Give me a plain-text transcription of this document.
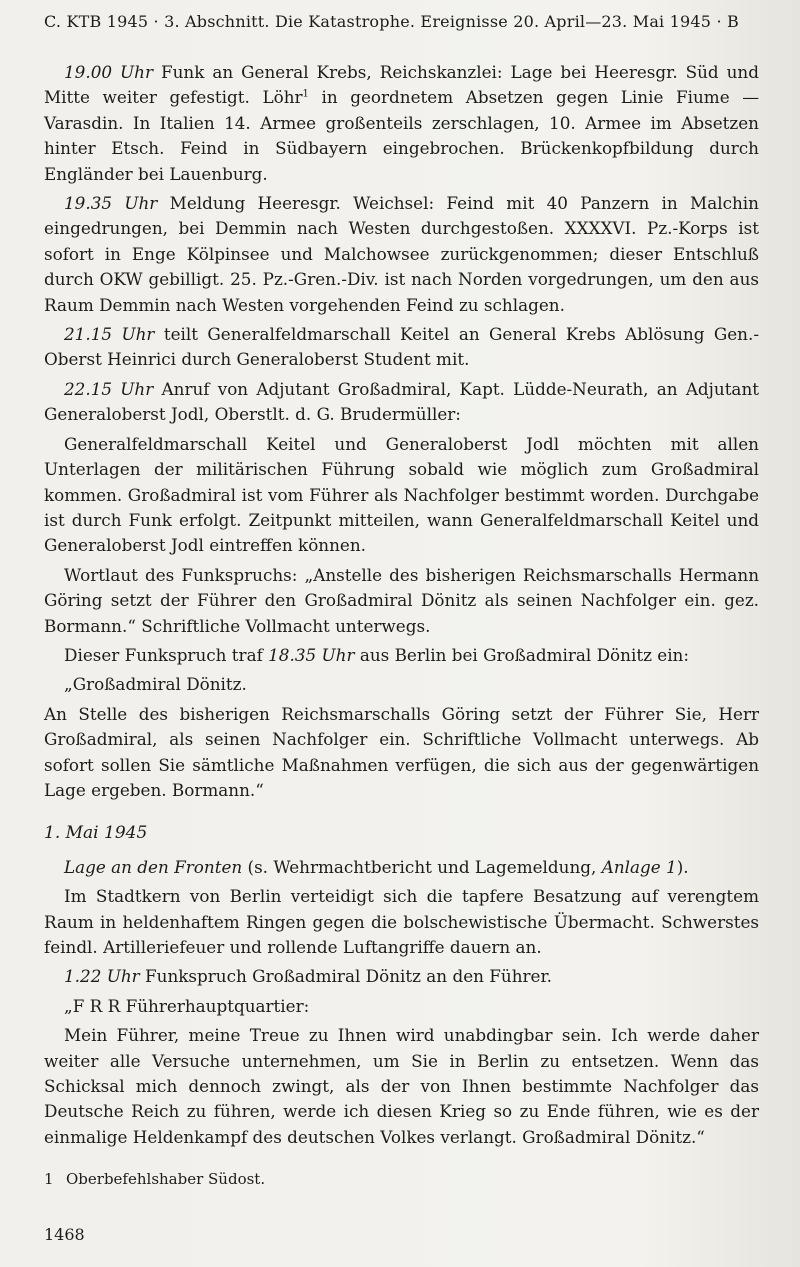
C. KTB 1945 · 3. Abschnitt. Die Katastrophe. Ereignisse 20. April—23. Mai 1945 · B

19.00 Uhr Funk an General Krebs, Reichskanzlei: Lage bei Heeresgr. Süd und Mitte weiter gefestigt. Löhr$^1$ in geordnetem Absetzen gegen Linie Fiume —Varasdin. In Italien 14. Armee großenteils zerschlagen, 10. Armee im Absetzen hinter Etsch. Feind in Südbayern eingebrochen. Brückenkopfbildung durch Engländer bei Lauenburg.

19.35 Uhr Meldung Heeresgr. Weichsel: Feind mit 40 Panzern in Malchin eingedrungen, bei Demmin nach Westen durchgestoßen. XXXXVI. Pz.-Korps ist sofort in Enge Kölpinsee und Malchowsee zurückgenommen; dieser Entschluß durch OKW gebilligt. 25. Pz.-Gren.-Div. ist nach Norden vorgedrungen, um den aus Raum Demmin nach Westen vorgehenden Feind zu schlagen.

21.15 Uhr teilt Generalfeldmarschall Keitel an General Krebs Ablösung Gen.-Oberst Heinrici durch Generaloberst Student mit.

22.15 Uhr Anruf von Adjutant Großadmiral, Kapt. Lüdde-Neurath, an Adjutant Generaloberst Jodl, Oberstlt. d. G. Brudermüller:

Generalfeldmarschall Keitel und Generaloberst Jodl möchten mit allen Unterlagen der militärischen Führung sobald wie möglich zum Großadmiral kommen. Großadmiral ist vom Führer als Nachfolger bestimmt worden. Durchgabe ist durch Funk erfolgt. Zeitpunkt mitteilen, wann Generalfeldmarschall Keitel und Generaloberst Jodl eintreffen können.

Wortlaut des Funkspruchs: „Anstelle des bisherigen Reichsmarschalls Hermann Göring setzt der Führer den Großadmiral Dönitz als seinen Nachfolger ein. gez. Bormann.“ Schriftliche Vollmacht unterwegs.

Dieser Funkspruch traf 18.35 Uhr aus Berlin bei Großadmiral Dönitz ein:

„Großadmiral Dönitz.

An Stelle des bisherigen Reichsmarschalls Göring setzt der Führer Sie, Herr Großadmiral, als seinen Nachfolger ein. Schriftliche Vollmacht unterwegs. Ab sofort sollen Sie sämtliche Maßnahmen verfügen, die sich aus der gegenwärtigen Lage ergeben. Bormann.“

1. Mai 1945

Lage an den Fronten (s. Wehrmachtbericht und Lagemeldung, Anlage 1).

Im Stadtkern von Berlin verteidigt sich die tapfere Besatzung auf verengtem Raum in heldenhaftem Ringen gegen die bolschewistische Übermacht. Schwerstes feindl. Artilleriefeuer und rollende Luftangriffe dauern an.

1.22 Uhr Funkspruch Großadmiral Dönitz an den Führer.

„F R R Führerhauptquartier:

Mein Führer, meine Treue zu Ihnen wird unabdingbar sein. Ich werde daher weiter alle Versuche unternehmen, um Sie in Berlin zu entsetzen. Wenn das Schicksal mich dennoch zwingt, als der von Ihnen bestimmte Nachfolger das Deutsche Reich zu führen, werde ich diesen Krieg so zu Ende führen, wie es der einmalige Heldenkampf des deutschen Volkes verlangt. Großadmiral Dönitz.“

1 Oberbefehlshaber Südost.
1468
